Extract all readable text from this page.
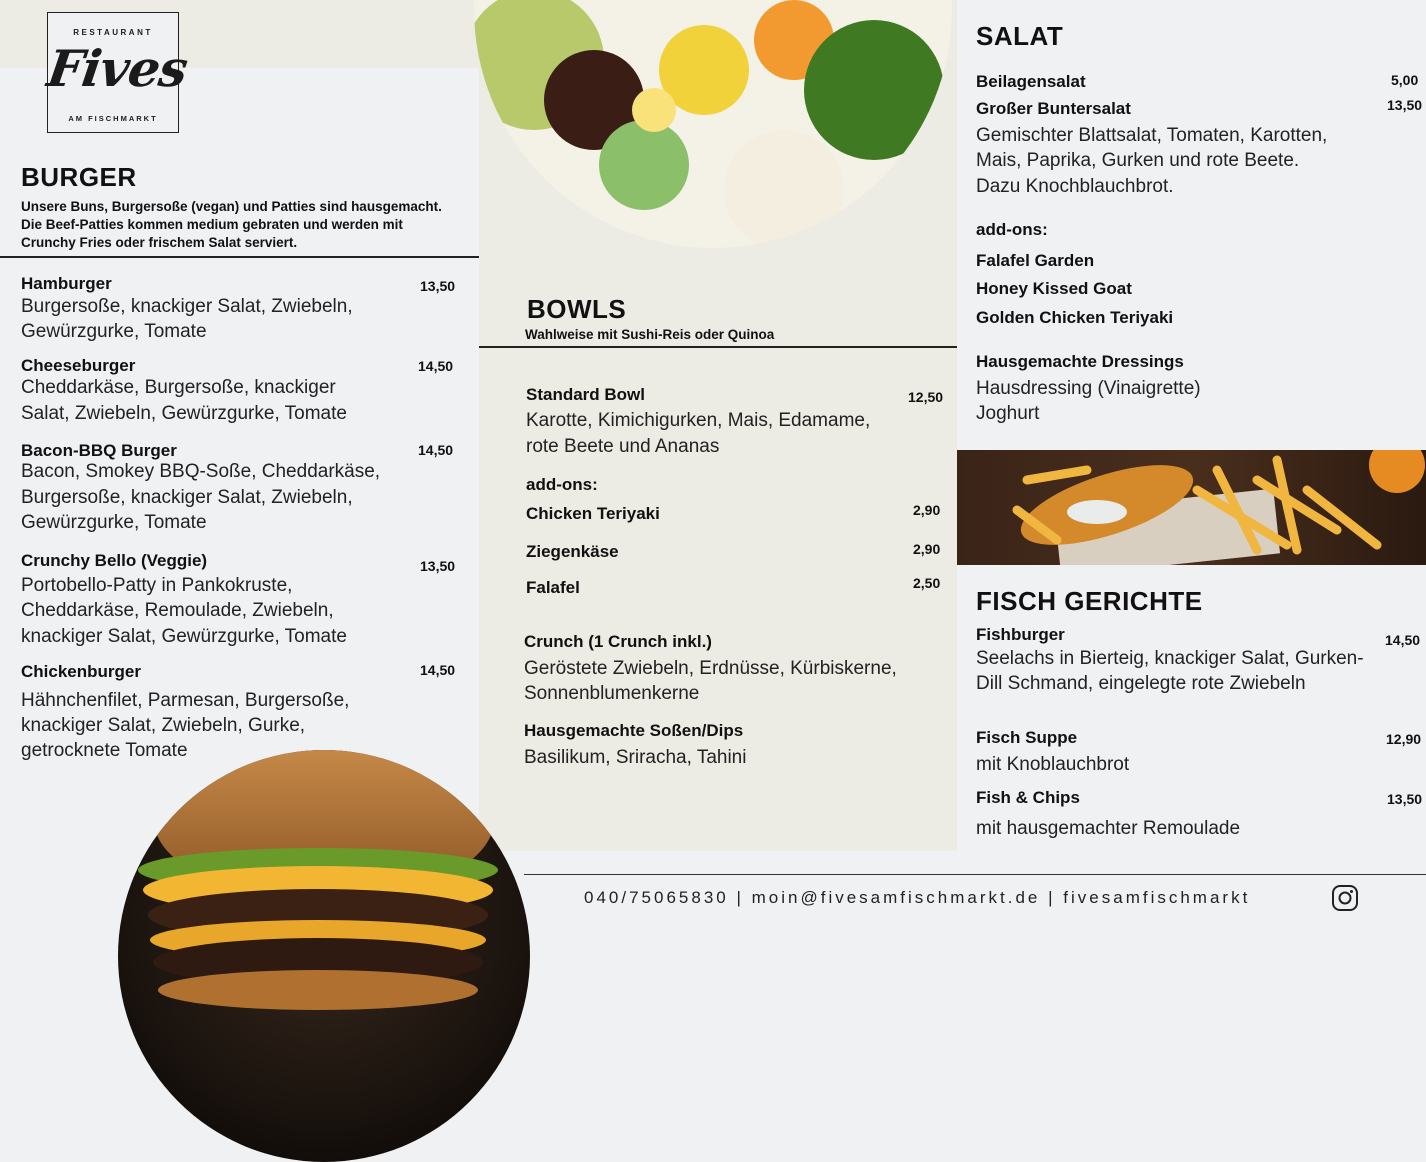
RESTAURANT
Fives
AM FISCHMARKT
BURGER
Unsere Buns, Burgersoße (vegan) und Patties sind hausgemacht.
Die Beef-Patties kommen medium gebraten und werden mit
Crunchy Fries oder frischem Salat serviert.
Hamburger	13,50
Burgersoße, knackiger Salat, Zwiebeln,
Gewürzgurke, Tomate
Cheeseburger	14,50
Cheddarkäse, Burgersoße, knackiger
Salat, Zwiebeln, Gewürzgurke, Tomate
Bacon-BBQ Burger	14,50
Bacon, Smokey BBQ-Soße, Cheddarkäse,
Burgersoße, knackiger Salat, Zwiebeln,
Gewürzgurke, Tomate
Crunchy Bello (Veggie)	13,50
Portobello-Patty in Pankokruste,
Cheddarkäse, Remoulade, Zwiebeln,
knackiger Salat, Gewürzgurke, Tomate
Chickenburger	14,50
Hähnchenfilet, Parmesan, Burgersoße,
knackiger Salat, Zwiebeln, Gurke,
getrocknete Tomate
BOWLS
Wahlweise mit Sushi-Reis oder Quinoa
Standard Bowl	12,50
Karotte, Kimichigurken, Mais, Edamame,
rote Beete und Ananas
add-ons:
Chicken Teriyaki	2,90
Ziegenkäse	2,90
Falafel	2,50
Crunch (1 Crunch inkl.)
Geröstete Zwiebeln, Erdnüsse, Kürbiskerne,
Sonnenblumenkerne
Hausgemachte Soßen/Dips
Basilikum, Sriracha, Tahini
SALAT
Beilagensalat	5,00
Großer Buntersalat	13,50
Gemischter Blattsalat, Tomaten, Karotten,
Mais, Paprika, Gurken und rote Beete.
Dazu Knochblauchbrot.
add-ons:
Falafel Garden
Honey Kissed Goat
Golden Chicken Teriyaki
Hausgemachte Dressings
Hausdressing (Vinaigrette)
Joghurt
FISCH GERICHTE
Fishburger	14,50
Seelachs in Bierteig, knackiger Salat, Gurken-
Dill Schmand, eingelegte rote Zwiebeln
Fisch Suppe	12,90
mit Knoblauchbrot
Fish & Chips	13,50
mit hausgemachter Remoulade
040/75065830 | moin@fivesamfischmarkt.de | fivesamfischmarkt
